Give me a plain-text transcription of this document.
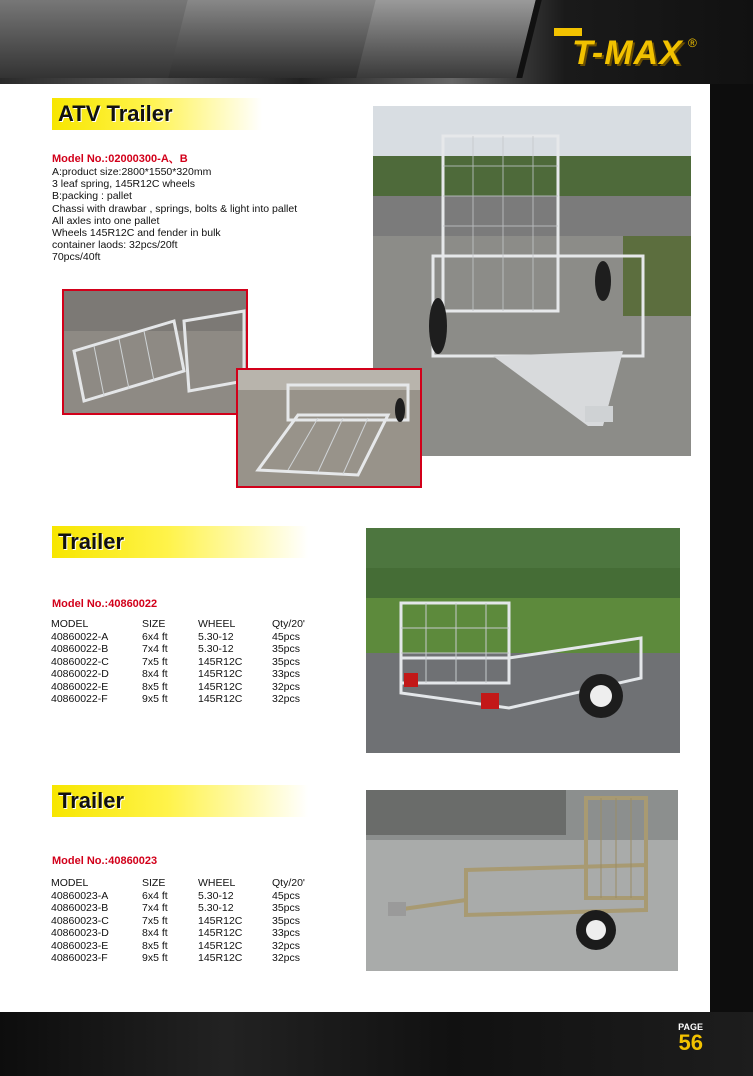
T-MAX ®
ATV Trailer
Model No.:02000300-A、B
A:product size:2800*1550*320mm
3 leaf spring, 145R12C wheels
B:packing : pallet
Chassi with drawbar , springs, bolts & light into pallet
All axles into one pallet
Wheels 145R12C and fender in bulk
container laods: 32pcs/20ft
70pcs/40ft
Trailer
Model No.:40860022
MODEL	SIZE	WHEEL	Qty/20'
40860022-A	6x4 ft	5.30-12	45pcs
40860022-B	7x4 ft	5.30-12	35pcs
40860022-C	7x5 ft	145R12C	35pcs
40860022-D	8x4 ft	145R12C	33pcs
40860022-E	8x5 ft	145R12C	32pcs
40860022-F	9x5 ft	145R12C	32pcs
Trailer
Model No.:40860023
MODEL	SIZE	WHEEL	Qty/20'
40860023-A	6x4 ft	5.30-12	45pcs
40860023-B	7x4 ft	5.30-12	35pcs
40860023-C	7x5 ft	145R12C	35pcs
40860023-D	8x4 ft	145R12C	33pcs
40860023-E	8x5 ft	145R12C	32pcs
40860023-F	9x5 ft	145R12C	32pcs
PAGE
56
